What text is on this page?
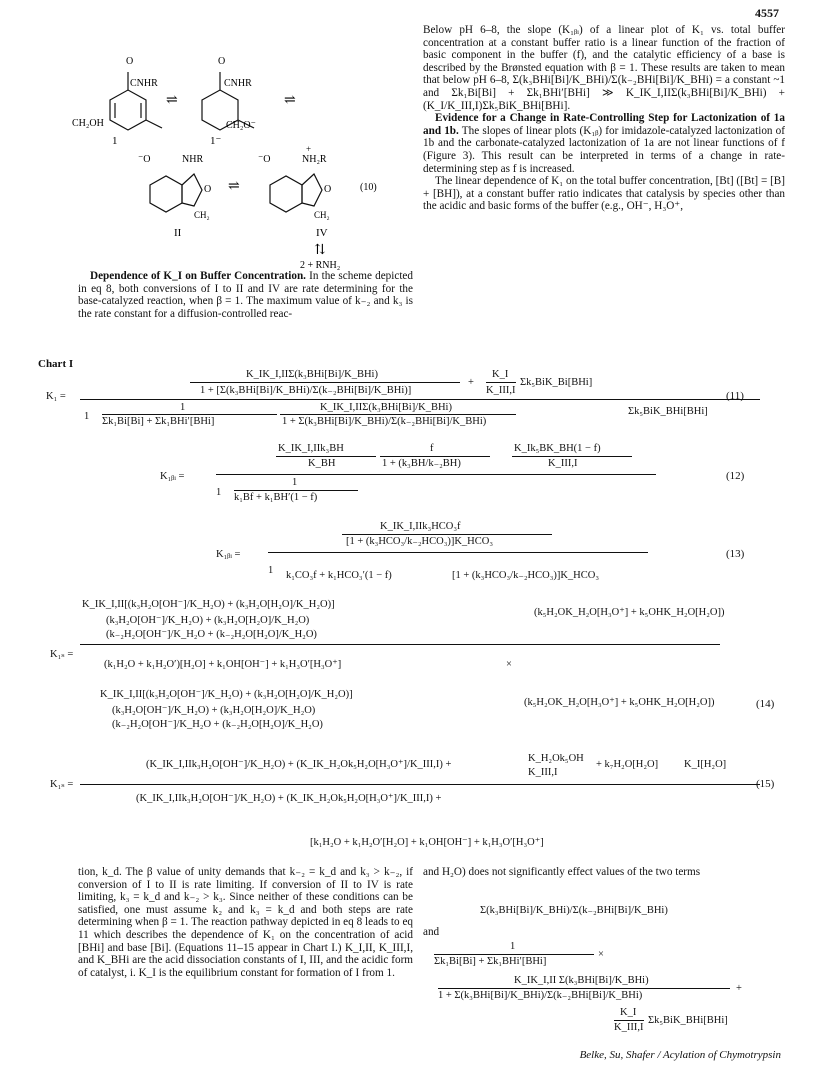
4557
O
CNHR
CH₂OH
1
⇌
O
CNHR
CH₂O⁻
1⁻
⇌
⁻O	NHR
O
CH₂
II
⇌
⁻O	NH₂R
O
+
CH₂
IV
(10)
⇅
2 + RNH₂

Dependence of K_I on Buffer Concentration. In the scheme depicted in eq 8, both conversions of I to II and IV are rate determining for the base-catalyzed reaction, when β = 1. The maximum value of k₋₂ and k₃ is the rate constant for a diffusion-controlled reac-

Below pH 6–8, the slope (K₁ᵦᵢ) of a linear plot of K₁ vs. total buffer concentration at a constant buffer ratio is a linear function of the fraction of basic component in the buffer (f), and the catalytic efficiency of a base is described by the Brønsted equation with β = 1. These results are taken to mean that below pH 6–8, Σ(k₃BHi[Bi]/K_BHi)/Σ(k₋₂BHi[Bi]/K_BHi) = a constant ~1 and Σk₁Bi[Bi] + Σk₁BHi′[BHi] ≫ K_IK_I,IIΣ(k₃BHi[Bi]/K_BHi) + (K_I/K_III,I)Σk₅BiK_BHi[BHi].

Evidence for a Change in Rate-Controlling Step for Lactonization of 1a and 1b. The slopes of linear plots (K₁ᵦ) for imidazole-catalyzed lactonization of 1b and the carbonate-catalyzed lactonization of 1a are not linear functions of f (Figure 3). This result can be interpreted in terms of a change in rate-determining step as f is increased.

The linear dependence of K₁ on the total buffer concentration, [Bt] ([Bt] = [B] + [BH]), at a constant buffer ratio indicates that catalysis by species other than the acidic and basic forms of the buffer (e.g., OH⁻, H₃O⁺,

Chart I
K₁ =
K_IK_I,IIΣ(k₃BHi[Bi]/K_BHi)
1 + [Σ(k₃BHi[Bi]/K_BHi)/Σ(k₋₂BHi[Bi]/K_BHi)]
+
K_I
K_III,I
Σk₅BiK_Bi[BHi]
1
1
Σk₁Bi[Bi] + Σk₁BHi′[BHi]
K_IK_I,IIΣ(k₃BHi[Bi]/K_BHi)
1 + Σ(k₃BHi[Bi]/K_BHi)/Σ(k₋₂BHi[Bi]/K_BHi)
Σk₅BiK_BHi[BHi]
(11)
K₁ᵦᵢ =
K_IK_I,IIk₃BH
K_BH
f
1 + (k₃BH/k₋₂BH)
K_Ik₅BK_BH(1 − f)
K_III,I
1
1
k₁Bf + k₁BH′(1 − f)
(12)
K₁ᵦᵢ =
K_IK_I,IIk₃HCO₃f
[1 + (k₃HCO₃/k₋₂HCO₃)]K_HCO₃
1 k₁CO₃f + k₁HCO₃′(1 − f)	[1 + (k₃HCO₃/k₋₂HCO₃)]K_HCO₃
(13)
K₁ₛ =
K_IK_I,II[(k₃H₂O[OH⁻]/K_H₂O) + (k₃H₂O[H₂O]/K_H₂O)]
(k₃H₂O[OH⁻]/K_H₂O) + (k₃H₂O[H₂O]/K_H₂O)
(k₋₂H₂O[OH⁻]/K_H₂O + (k₋₂H₂O[H₂O]/K_H₂O)
(k₅H₂OK_H₂O[H₃O⁺] + k₅OHK_H₂O[H₂O])
(k₁H₂O + k₁H₂O′)[H₂O] + k₁OH[OH⁻] + k₁H₃O′[H₃O⁺]	×
K_IK_I,II[(k₃H₂O[OH⁻]/K_H₂O) + (k₃H₂O[H₂O]/K_H₂O)]
(k₃H₂O[OH⁻]/K_H₂O) + (k₃H₂O[H₂O]/K_H₂O)
(k₋₂H₂O[OH⁻]/K_H₂O + (k₋₂H₂O[H₂O]/K_H₂O)
(k₅H₂OK_H₂O[H₃O⁺] + k₅OHK_H₂O[H₂O])	(14)
K₁ₛ =
(K_IK_I,IIk₃H₂O[OH⁻]/K_H₂O) + (K_IK_H₂Ok₅H₂O[H₃O⁺]/K_III,I) +
K_H₂Ok₅OH
K_III,I
+ k₇H₂O[H₂O] K_I[H₂O]
(K_IK_I,IIk₃H₂O[OH⁻]/K_H₂O) + (K_IK_H₂Ok₅H₂O[H₃O⁺]/K_III,I) +
[k₁H₂O + k₁H₂O′[H₂O] + k₁OH[OH⁻] + k₁H₃O′[H₃O⁺]
(15)

tion, k_d. The β value of unity demands that k₋₂ = k_d and k₃ > k₋₂, if conversion of I to II is rate limiting. If conversion of II to IV is rate limiting, k₃ = k_d and k₋₂ > k₃. Since neither of these conditions can be satisfied, one must assume k₂ and k₃ = k_d and both steps are rate determining when β = 1. The reaction pathway depicted in eq 8 leads to eq 11 which describes the dependence of K₁ on the concentration of acid [BHi] and base [Bi]. (Equations 11–15 appear in Chart I.) K_I,II, K_III,I, and K_BHi are the acid dissociation constants of I, III, and the acidic form of catalyst, i. K_I is the equilibrium constant for formation of I from 1.

and H₂O) does not significantly effect values of the two terms

Σ(k₃BHi[Bi]/K_BHi)/Σ(k₋₂BHi[Bi]/K_BHi)
and
1
Σk₁Bi[Bi] + Σk₁BHi′[BHi]
×
K_IK_I,II Σ(k₃BHi[Bi]/K_BHi)
1 + Σ(k₃BHi[Bi]/K_BHi)/Σ(k₋₂BHi[Bi]/K_BHi)
+
K_I
K_III,I
Σk₅BiK_BHi[BHi]
Belke, Su, Shafer / Acylation of Chymotrypsin
